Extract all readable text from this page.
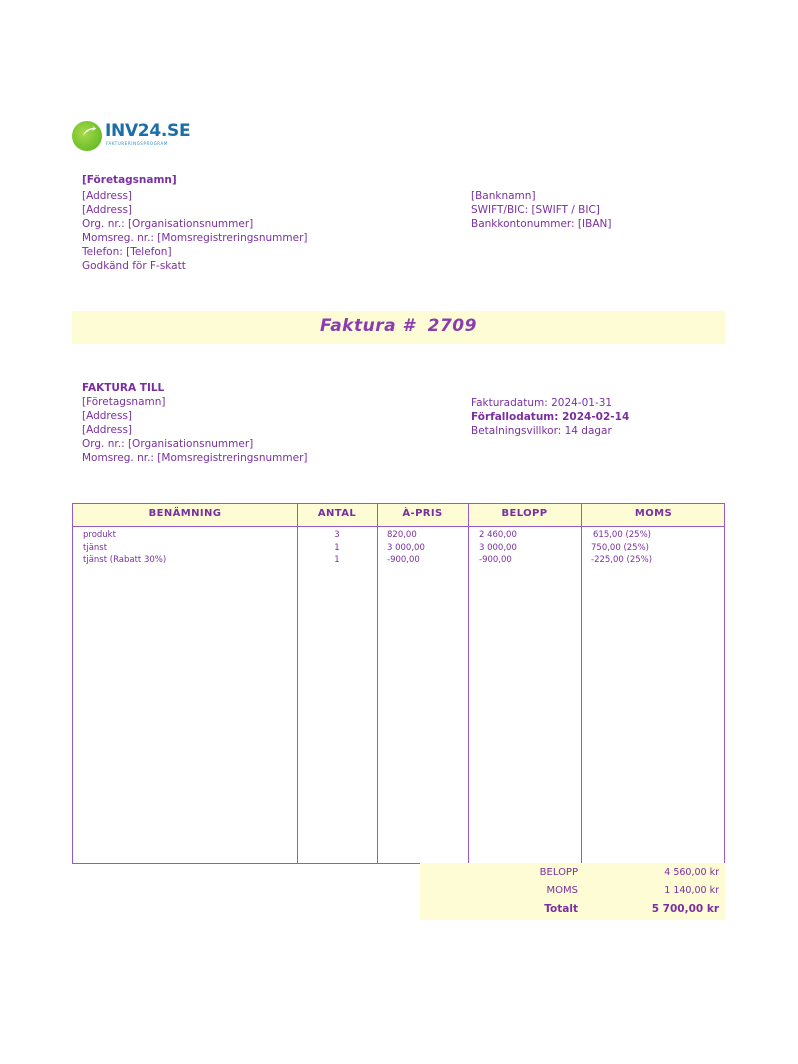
INV24.SE
FAKTURERINGSPROGRAM
[Företagsnamn]
[Address]
[Address]
Org. nr.: [Organisationsnummer]
Momsreg. nr.: [Momsregistreringsnummer]
Telefon: [Telefon]
Godkänd för F-skatt
[Banknamn]
SWIFT/BIC: [SWIFT / BIC]
Bankkontonummer: [IBAN]
Faktura #  2709
FAKTURA TILL
[Företagsnamn]
[Address]
[Address]
Org. nr.: [Organisationsnummer]
Momsreg. nr.: [Momsregistreringsnummer]
Fakturadatum: 2024-01-31
Förfallodatum: 2024-02-14
Betalningsvillkor: 14 dagar
BENÄMNING	ANTAL	À-PRIS	BELOPP	MOMS
produkt	3	820,00	2 460,00	615,00 (25%)
tjänst	1	3 000,00	3 000,00	750,00 (25%)
tjänst (Rabatt 30%)	1	-900,00	-900,00	-225,00 (25%)
BELOPP	4 560,00 kr
MOMS	1 140,00 kr
Totalt	5 700,00 kr
